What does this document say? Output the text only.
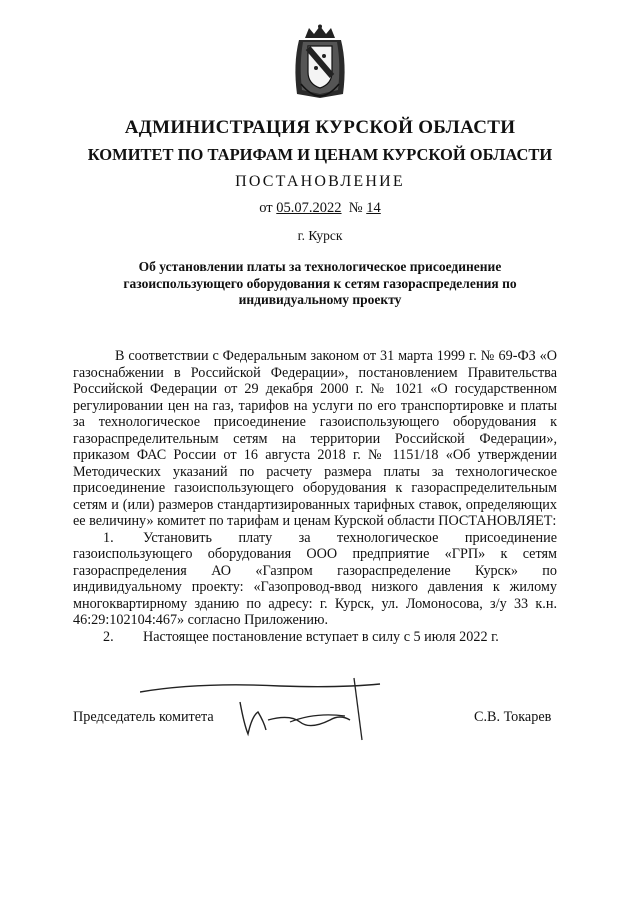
АДМИНИСТРАЦИЯ КУРСКОЙ ОБЛАСТИ
КОМИТЕТ ПО ТАРИФАМ И ЦЕНАМ КУРСКОЙ ОБЛАСТИ
ПОСТАНОВЛЕНИЕ
от 05.07.2022 № 14
г. Курск
Об установлении платы за технологическое присоединение газоиспользующего оборудования к сетям газораспределения по индивидуальному проекту

В соответствии с Федеральным законом от 31 марта 1999 г. № 69-ФЗ «О газоснабжении в Российской Федерации», постановлением Правительства Российской Федерации от 29 декабря 2000 г. № 1021 «О государственном регулировании цен на газ, тарифов на услуги по его транспортировке и платы за технологическое присоединение газоиспользующего оборудования к газораспределительным сетям на территории Российской Федерации», приказом ФАС России от 16 августа 2018 г. № 1151/18 «Об утверждении Методических указаний по расчету размера платы за технологическое присоединение газоиспользующего оборудования к газораспределительным сетям и (или) размеров стандартизированных тарифных ставок, определяющих ее величину» комитет по тарифам и ценам Курской области ПОСТАНОВЛЯЕТ:

1. Установить плату за технологическое присоединение газоиспользующего оборудования ООО предприятие «ГРП» к сетям газораспределения АО «Газпром газораспределение Курск» по индивидуальному проекту: «Газопровод-ввод низкого давления к жилому многоквартирному зданию по адресу: г. Курск, ул. Ломоносова, з/у 33 к.н. 46:29:102104:467» согласно Приложению.

2. Настоящее постановление вступает в силу с 5 июля 2022 г.

Председатель комитета	С.В. Токарев
